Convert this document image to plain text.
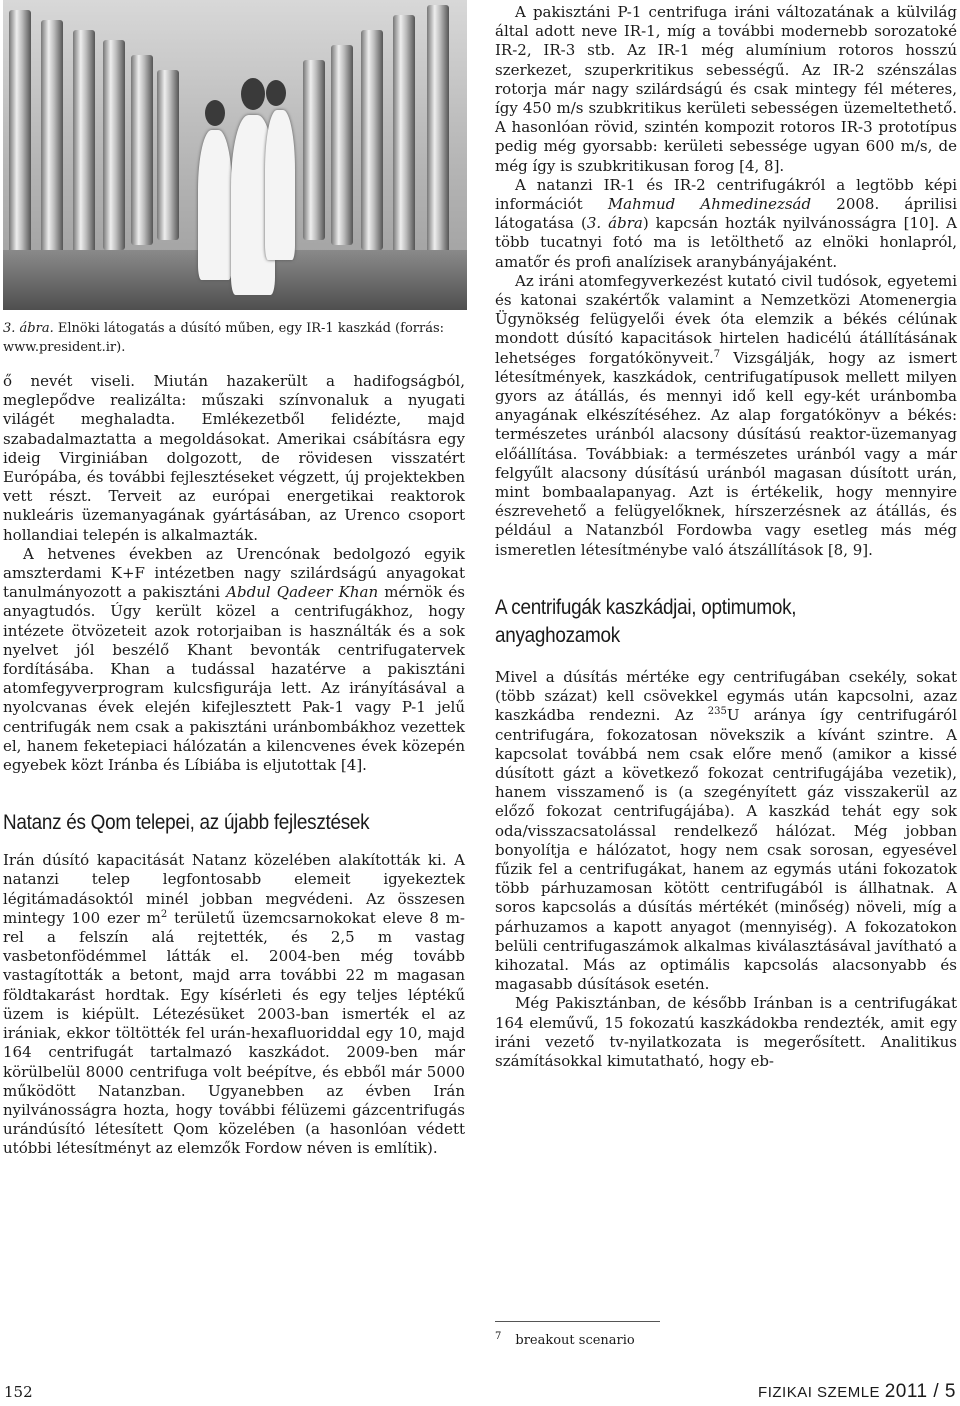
3. ábra. Elnöki látogatás a dúsító műben, egy IR-1 kaszkád (forrás: www.president.ir).

ő nevét viseli. Miután hazakerült a hadifogságból, meglepődve realizálta: műszaki színvonaluk a nyugati világét meghaladta. Emlékezetből felidézte, majd szabadalmaztatta a megoldásokat. Amerikai csábításra egy ideig Virginiában dolgozott, de rövidesen visszatért Európába, és további fejlesztéseket végzett, új projektekben vett részt. Terveit az európai energetikai reaktorok nukleáris üzemanyagának gyártásában, az Urenco csoport hollandiai telepén is alkalmazták.

A hetvenes években az Urencónak bedolgozó egyik amszterdami K+F intézetben nagy szilárdságú anyagokat tanulmányozott a pakisztáni Abdul Qadeer Khan mérnök és anyagtudós. Úgy került közel a centrifugákhoz, hogy intézete ötvözeteit azok rotorjaiban is használták és a sok nyelvet jól beszélő Khant bevonták centrifugatervek fordításába. Khan a tudással hazatérve a pakisztáni atomfegyverprogram kulcsfigurája lett. Az irányításával a nyolcvanas évek elején kifejlesztett Pak-1 vagy P-1 jelű centrifugák nem csak a pakisztáni uránbombákhoz vezettek el, hanem feketepiaci hálózatán a kilencvenes évek közepén egyebek közt Iránba és Líbiába is eljutottak [4].

Natanz és Qom telepei, az újabb fejlesztések

Irán dúsító kapacitását Natanz közelében alakították ki. A natanzi telep legfontosabb elemeit igyekeztek légitámadásoktól minél jobban megvédeni. Az összesen mintegy 100 ezer $m^2$ területű üzemcsarnokokat eleve 8 m-rel a felszín alá rejtették, és 2,5 m vastag vasbetonfödémmel látták el. 2004-ben még tovább vastagították a betont, majd arra további 22 m magasan földtakarást hordtak. Egy kísérleti és egy teljes léptékű üzem is kiépült. Létezésüket 2003-ban ismerték el az irániak, ekkor töltötték fel urán-hexafluoriddal egy 10, majd 164 centrifugát tartalmazó kaszkádot. 2009-ben már körülbelül 8000 centrifuga volt beépítve, és ebből már 5000 működött Natanzban. Ugyanebben az évben Irán nyilvánosságra hozta, hogy további félüzemi gázcentrifugás urándúsító létesített Qom közelében (a hasonlóan védett utóbbi létesítményt az elemzők Fordow néven is említik).

A pakisztáni P-1 centrifuga iráni változatának a külvilág által adott neve IR-1, míg a további modernebb sorozatoké IR-2, IR-3 stb. Az IR-1 még alumínium rotoros hosszú szerkezet, szuperkritikus sebességű. Az IR-2 szénszálas rotorja már nagy szilárdságú és csak mintegy fél méteres, így 450 m/s szubkritikus kerületi sebességen üzemeltethető. A hasonlóan rövid, szintén kompozit rotoros IR-3 prototípus pedig még gyorsabb: kerületi sebessége ugyan 600 m/s, de még így is szubkritikusan forog [4, 8].

A natanzi IR-1 és IR-2 centrifugákról a legtöbb képi információt Mahmud Ahmedinezsád 2008. áprilisi látogatása (3. ábra) kapcsán hozták nyilvánosságra [10]. A több tucatnyi fotó ma is letölthető az elnöki honlapról, amatőr és profi analízisek aranybányájaként.

Az iráni atomfegyverkezést kutató civil tudósok, egyetemi és katonai szakértők valamint a Nemzetközi Atomenergia Ügynökség felügyelői évek óta elemzik a békés célúnak mondott dúsító kapacitások hirtelen hadicélú átállításának lehetséges forgatókönyveit.$^7$ Vizsgálják, hogy az ismert létesítmények, kaszkádok, centrifugatípusok mellett milyen gyors az átállás, és mennyi idő kell egy-két uránbomba anyagának elkészítéséhez. Az alap forgatókönyv a békés: természetes uránból alacsony dúsítású reaktor-üzemanyag előállítása. Továbbiak: a természetes uránból vagy a már felgyűlt alacsony dúsítású uránból magasan dúsított urán, mint bombaalapanyag. Azt is értékelik, hogy mennyire észrevehető a felügyelőknek, hírszerzésnek az átállás, és például a Natanzból Fordowba vagy esetleg más még ismeretlen létesítménybe való átszállítások [8, 9].

A centrifugák kaszkádjai, optimumok, anyaghozamok

Mivel a dúsítás mértéke egy centrifugában csekély, sokat (több százat) kell csövekkel egymás után kapcsolni, azaz kaszkádba rendezni. Az $^{235}$U aránya így centrifugáról centrifugára, fokozatosan növekszik a kívánt szintre. A kapcsolat továbbá nem csak előre menő (amikor a kissé dúsított gázt a következő fokozat centrifugájába vezetik), hanem visszamenő is (a szegényített gáz visszakerül az előző fokozat centrifugájába). A kaszkád tehát egy sok oda/visszacsatolással rendelkező hálózat. Még jobban bonyolítja e hálózatot, hogy nem csak sorosan, egyesével fűzik fel a centrifugákat, hanem az egymás utáni fokozatok több párhuzamosan kötött centrifugából is állhatnak. A soros kapcsolás a dúsítás mértékét (minőség) növeli, míg a párhuzamos a kapott anyagot (mennyiség). A fokozatokon belüli centrifugaszámok alkalmas kiválasztásával javítható a kihozatal. Más az optimális kapcsolás alacsonyabb és magasabb dúsítások esetén.

Még Pakisztánban, de később Iránban is a centrifugákat 164 eleművű, 15 fokozatú kaszkádokba rendezték, amit egy iráni vezető tv-nyilatkozata is megerősített. Analitikus számításokkal kimutatható, hogy eb-

$^7$ breakout scenario
152	FIZIKAI SZEMLE 2011 / 5
